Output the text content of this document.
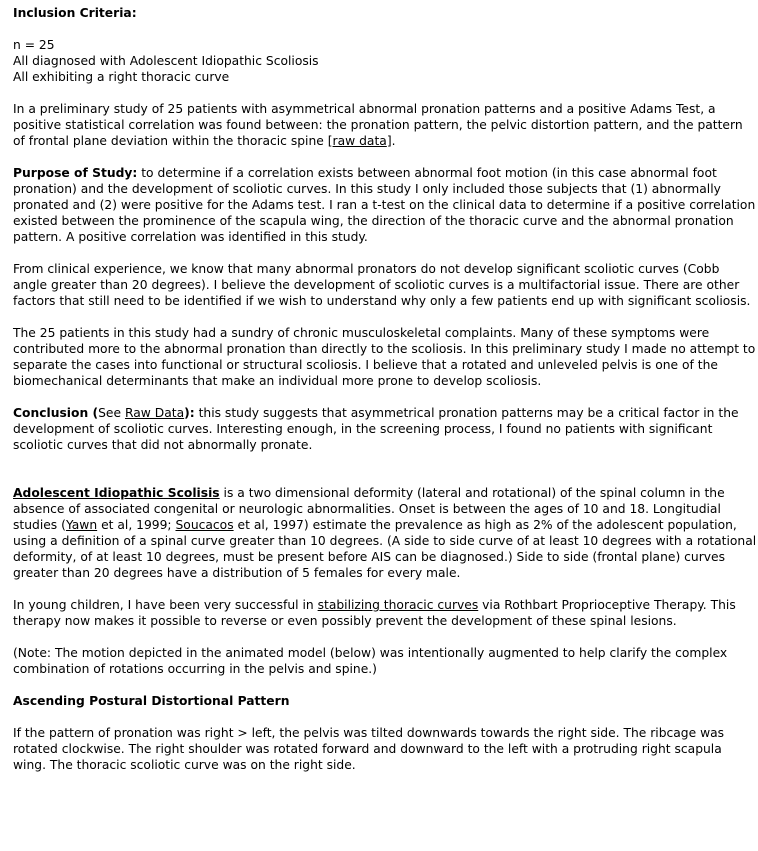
Inclusion Criteria:

n = 25

All diagnosed with Adolescent Idiopathic Scoliosis

All exhibiting a right thoracic curve

In a preliminary study of 25 patients with asymmetrical abnormal pronation patterns and a positive Adams Test, a positive statistical correlation was found between: the pronation pattern, the pelvic distortion pattern, and the pattern of frontal plane deviation within the thoracic spine [raw data].

Purpose of Study: to determine if a correlation exists between abnormal foot motion (in this case abnormal foot pronation) and the development of scoliotic curves. In this study I only included those subjects that (1) abnormally pronated and (2) were positive for the Adams test. I ran a t-test on the clinical data to determine if a positive correlation existed between the prominence of the scapula wing, the direction of the thoracic curve and the abnormal pronation pattern. A positive correlation was identified in this study.

From clinical experience, we know that many abnormal pronators do not develop significant scoliotic curves (Cobb angle greater than 20 degrees). I believe the development of scoliotic curves is a multifactorial issue. There are other factors that still need to be identified if we wish to understand why only a few patients end up with significant scoliosis.

The 25 patients in this study had a sundry of chronic musculoskeletal complaints. Many of these symptoms were contributed more to the abnormal pronation than directly to the scoliosis. In this preliminary study I made no attempt to separate the cases into functional or structural scoliosis. I believe that a rotated and unleveled pelvis is one of the biomechanical determinants that make an individual more prone to develop scoliosis.

Conclusion (See Raw Data): this study suggests that asymmetrical pronation patterns may be a critical factor in the development of scoliotic curves. Interesting enough, in the screening process, I found no patients with significant scoliotic curves that did not abnormally pronate.

Adolescent Idiopathic Scolisis is a two dimensional deformity (lateral and rotational) of the spinal column in the absence of associated congenital or neurologic abnormalities. Onset is between the ages of 10 and 18. Longitudial studies (Yawn et al, 1999; Soucacos et al, 1997) estimate the prevalence as high as 2% of the adolescent population, using a definition of a spinal curve greater than 10 degrees. (A side to side curve of at least 10 degrees with a rotational deformity, of at least 10 degrees, must be present before AIS can be diagnosed.) Side to side (frontal plane) curves greater than 20 degrees have a distribution of 5 females for every male.

In young children, I have been very successful in stabilizing thoracic curves via Rothbart Proprioceptive Therapy. This therapy now makes it possible to reverse or even possibly prevent the development of these spinal lesions.

(Note: The motion depicted in the animated model (below) was intentionally augmented to help clarify the complex combination of rotations occurring in the pelvis and spine.)

Ascending Postural Distortional Pattern

If the pattern of pronation was right > left, the pelvis was tilted downwards towards the right side. The ribcage was rotated clockwise. The right shoulder was rotated forward and downward to the left with a protruding right scapula wing. The thoracic scoliotic curve was on the right side.
